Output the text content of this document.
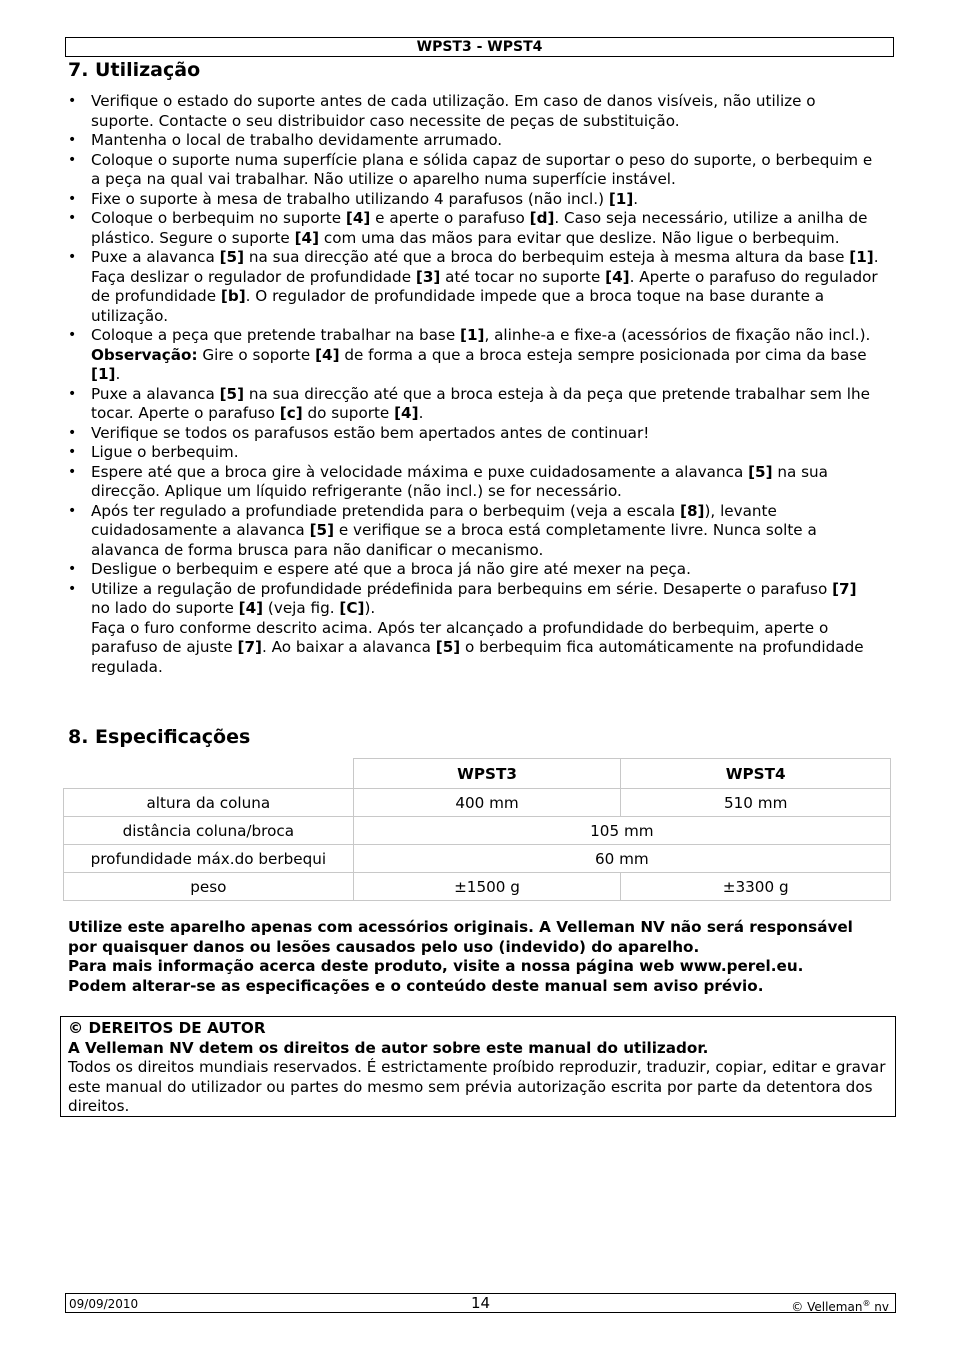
WPST3 - WPST4
7. Utilização
• Verifique o estado do suporte antes de cada utilização. Em caso de danos visíveis, não utilize o suporte. Contacte o seu distribuidor caso necessite de peças de substituição.
• Mantenha o local de trabalho devidamente arrumado.
• Coloque o suporte numa superfície plana e sólida capaz de suportar o peso do suporte, o berbequim e a peça na qual vai trabalhar. Não utilize o aparelho numa superfície instável.
• Fixe o suporte à mesa de trabalho utilizando 4 parafusos (não incl.) [1].
• Coloque o berbequim no suporte [4] e aperte o parafuso [d]. Caso seja necessário, utilize a anilha de plástico. Segure o suporte [4] com uma das mãos para evitar que deslize. Não ligue o berbequim.
• Puxe a alavanca [5] na sua direcção até que a broca do berbequim esteja à mesma altura da base [1]. Faça deslizar o regulador de profundidade [3] até tocar no suporte [4]. Aperte o parafuso do regulador de profundidade [b]. O regulador de profundidade impede que a broca toque na base durante a utilização.
• Coloque a peça que pretende trabalhar na base [1], alinhe-a e fixe-a (acessórios de fixação não incl.).
Observação: Gire o soporte [4] de forma a que a broca esteja sempre posicionada por cima da base [1].
• Puxe a alavanca [5] na sua direcção até que a broca esteja à da peça que pretende trabalhar sem lhe tocar. Aperte o parafuso [c] do suporte [4].
• Verifique se todos os parafusos estão bem apertados antes de continuar!
• Ligue o berbequim.
• Espere até que a broca gire à velocidade máxima e puxe cuidadosamente a alavanca [5] na sua direcção. Aplique um líquido refrigerante (não incl.) se for necessário.
• Após ter regulado a profundiade pretendida para o berbequim (veja a escala [8]), levante cuidadosamente a alavanca [5] e verifique se a broca está completamente livre. Nunca solte a alavanca de forma brusca para não danificar o mecanismo.
• Desligue o berbequim e espere até que a broca já não gire até mexer na peça.
• Utilize a regulação de profundidade prédefinida para berbequins em série. Desaperte o parafuso [7] no lado do suporte [4] (veja fig. [C]).
Faça o furo conforme descrito acima. Após ter alcançado a profundidade do berbequim, aperte o parafuso de ajuste [7]. Ao baixar a alavanca [5] o berbequim fica automáticamente na profundidade regulada.
8. Especificações
	WPST3	WPST4
altura da coluna	400 mm	510 mm
distância coluna/broca	105 mm	
profundidade máx.do berbequi	60 mm	
peso	±1500 g	±3300 g

Utilize este aparelho apenas com acessórios originais. A Velleman NV não será responsável por quaisquer danos ou lesões causados pelo uso (indevido) do aparelho.

Para mais informação acerca deste produto, visite a nossa página web www.perel.eu.

Podem alterar-se as especificações e o conteúdo deste manual sem aviso prévio.

© DEREITOS DE AUTOR

A Velleman NV detem os direitos de autor sobre este manual do utilizador.

Todos os direitos mundiais reservados. É estrictamente proíbido reproduzir, traduzir, copiar, editar e gravar este manual do utilizador ou partes do mesmo sem prévia autorização escrita por parte da detentora dos direitos.

09/09/2010	14	© Velleman® nv
